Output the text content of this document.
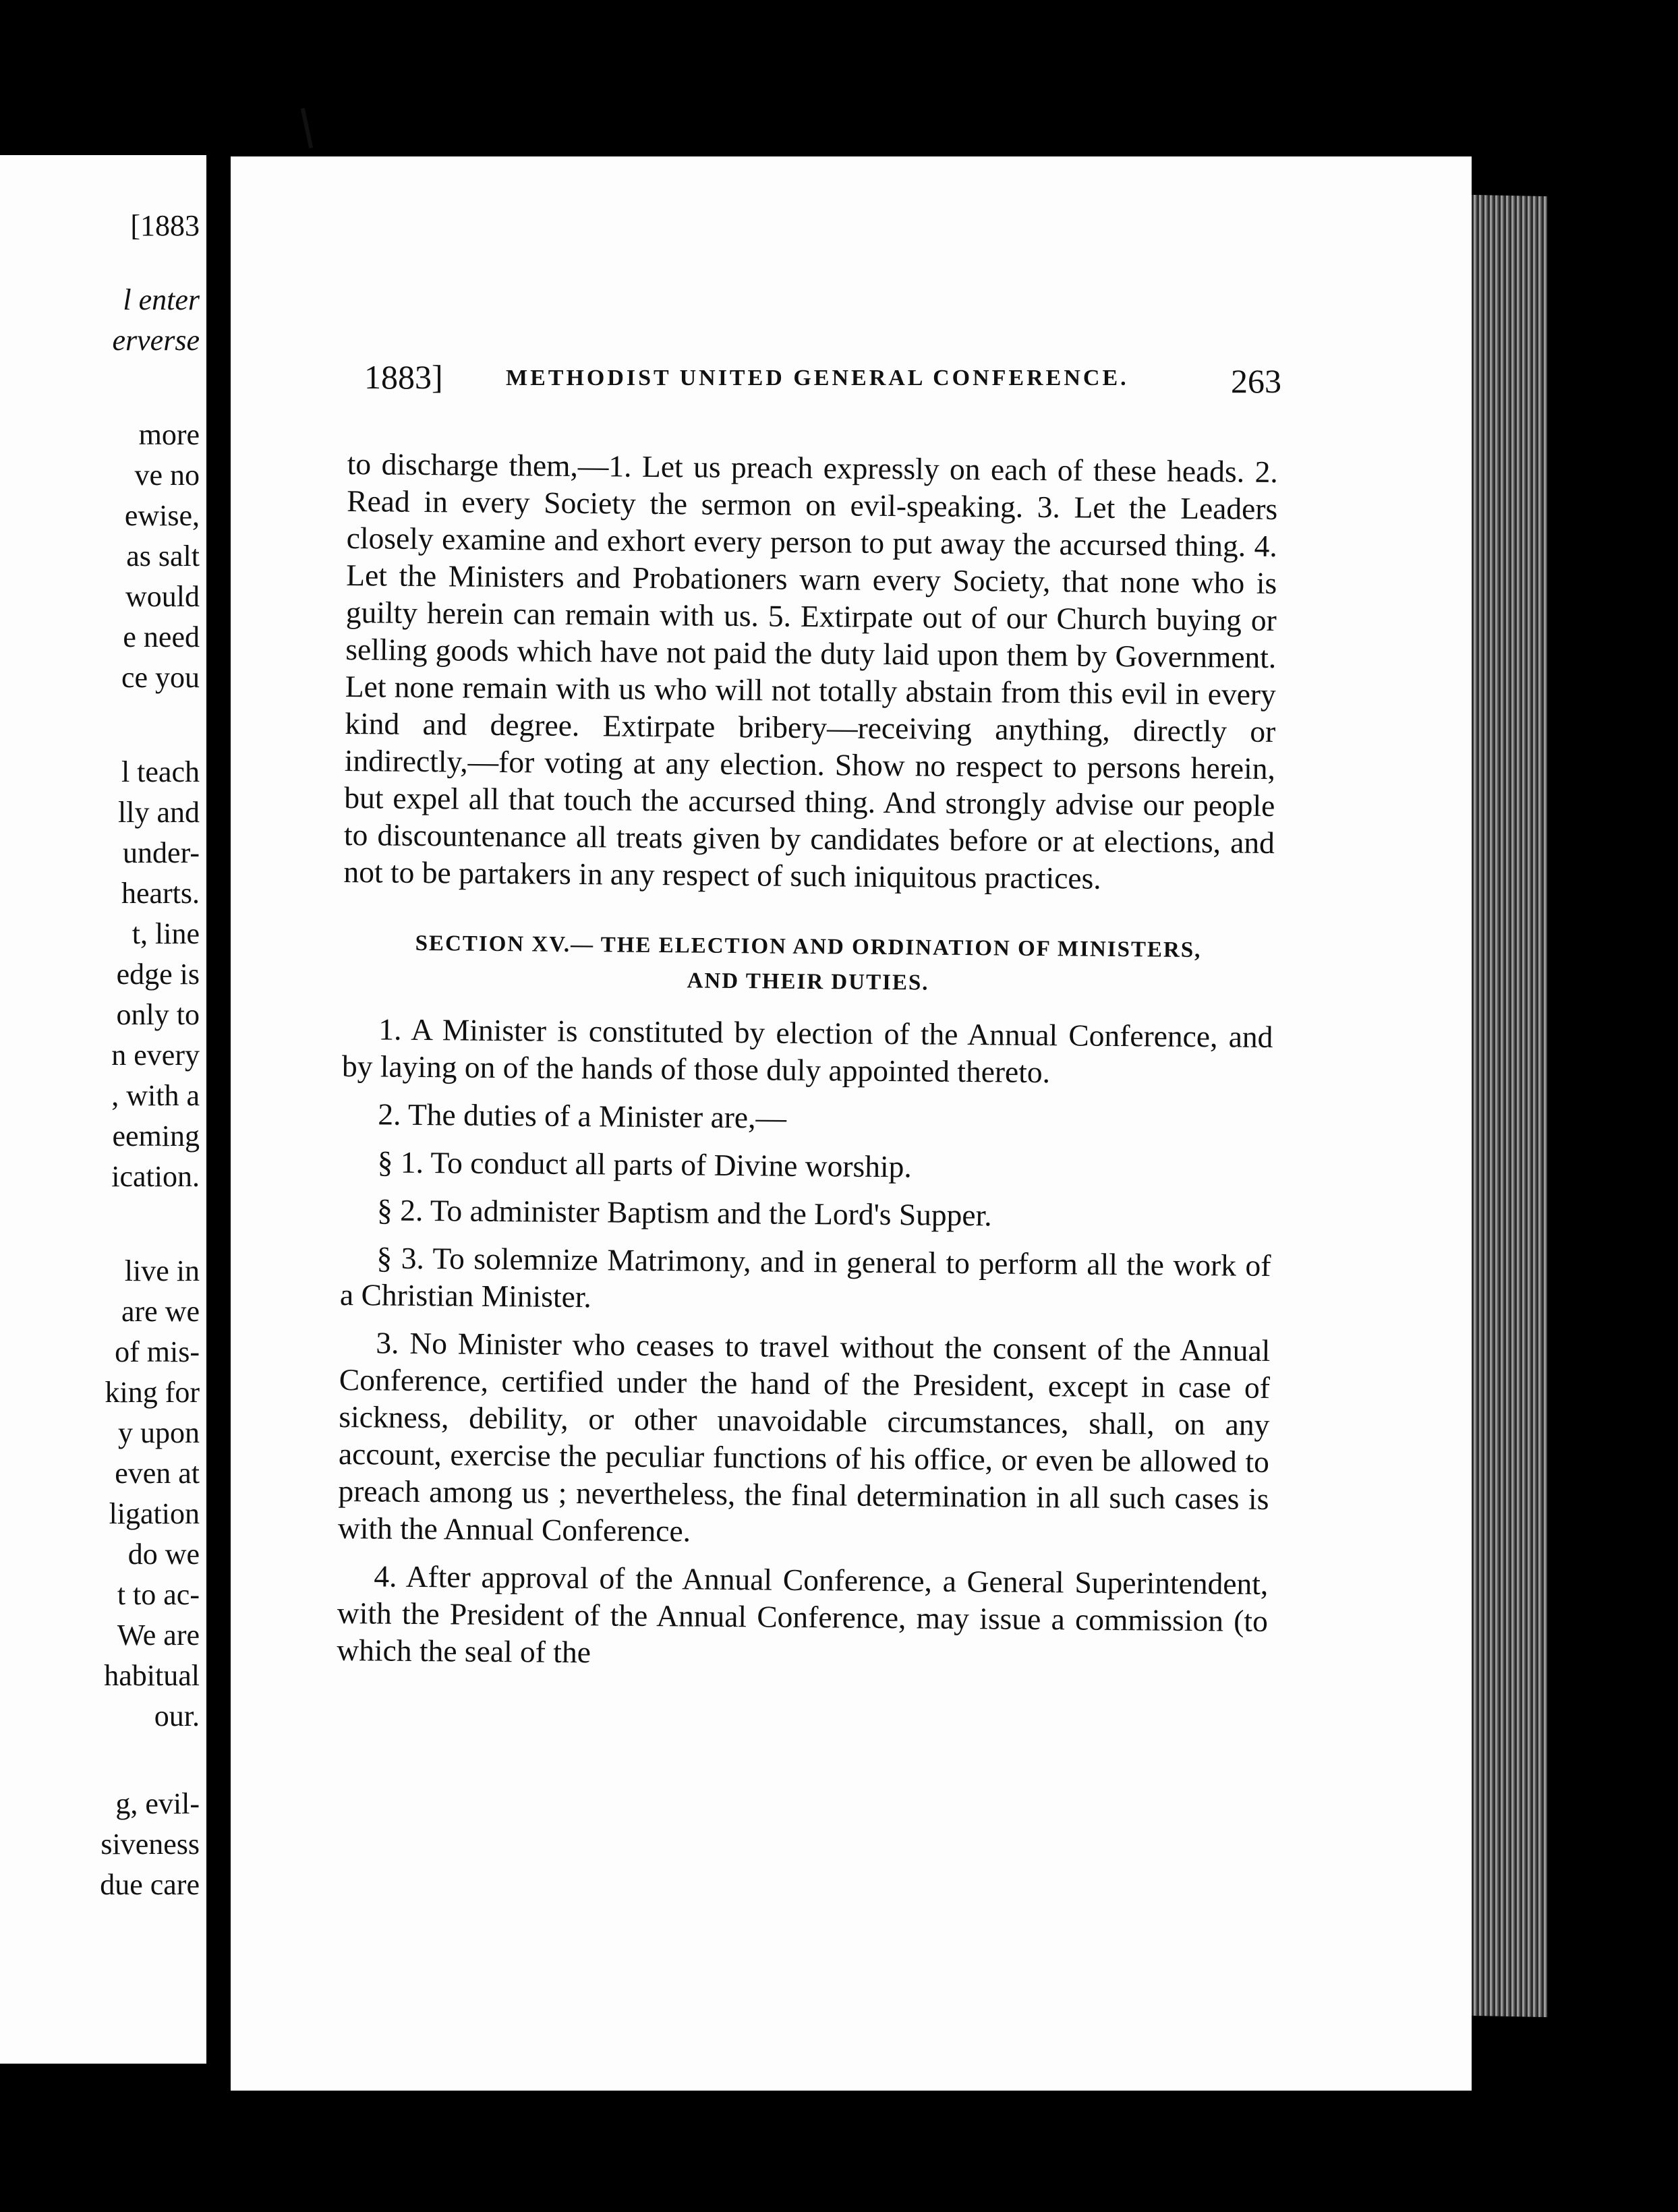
[1883
l enter
erverse
more
ve no
ewise,
as salt
would
e need
ce you
l teach
lly and
under-
hearts.
t, line
edge is
only to
n every
, with a
eeming
ication.
live in
are we
of mis-
king for
y upon
even at
ligation
do we
t to ac-
We are
habitual
our.
g, evil-
siveness
due care
1883]	METHODIST UNITED GENERAL CONFERENCE.	263

to discharge them,—1. Let us preach expressly on each of these heads. 2. Read in every Society the sermon on evil-speaking. 3. Let the Leaders closely examine and exhort every person to put away the accursed thing. 4. Let the Ministers and Probationers warn every Society, that none who is guilty herein can remain with us. 5. Extirpate out of our Church buying or selling goods which have not paid the duty laid upon them by Government. Let none remain with us who will not totally abstain from this evil in every kind and degree. Extirpate bribery—receiving anything, directly or indirectly,—for voting at any election. Show no respect to persons herein, but expel all that touch the accursed thing. And strongly advise our people to discountenance all treats given by candidates before or at elections, and not to be partakers in any respect of such iniquitous practices.

SECTION XV.— THE ELECTION AND ORDINATION OF MINISTERS,
AND THEIR DUTIES.

1. A Minister is constituted by election of the Annual Conference, and by laying on of the hands of those duly appointed thereto.

2. The duties of a Minister are,—

§ 1. To conduct all parts of Divine worship.

§ 2. To administer Baptism and the Lord's Supper.

§ 3. To solemnize Matrimony, and in general to perform all the work of a Christian Minister.

3. No Minister who ceases to travel without the consent of the Annual Conference, certified under the hand of the President, except in case of sickness, debility, or other unavoidable circumstances, shall, on any account, exercise the peculiar functions of his office, or even be allowed to preach among us ; nevertheless, the final determination in all such cases is with the Annual Conference.

4. After approval of the Annual Conference, a General Superintendent, with the President of the Annual Conference, may issue a commission (to which the seal of the
